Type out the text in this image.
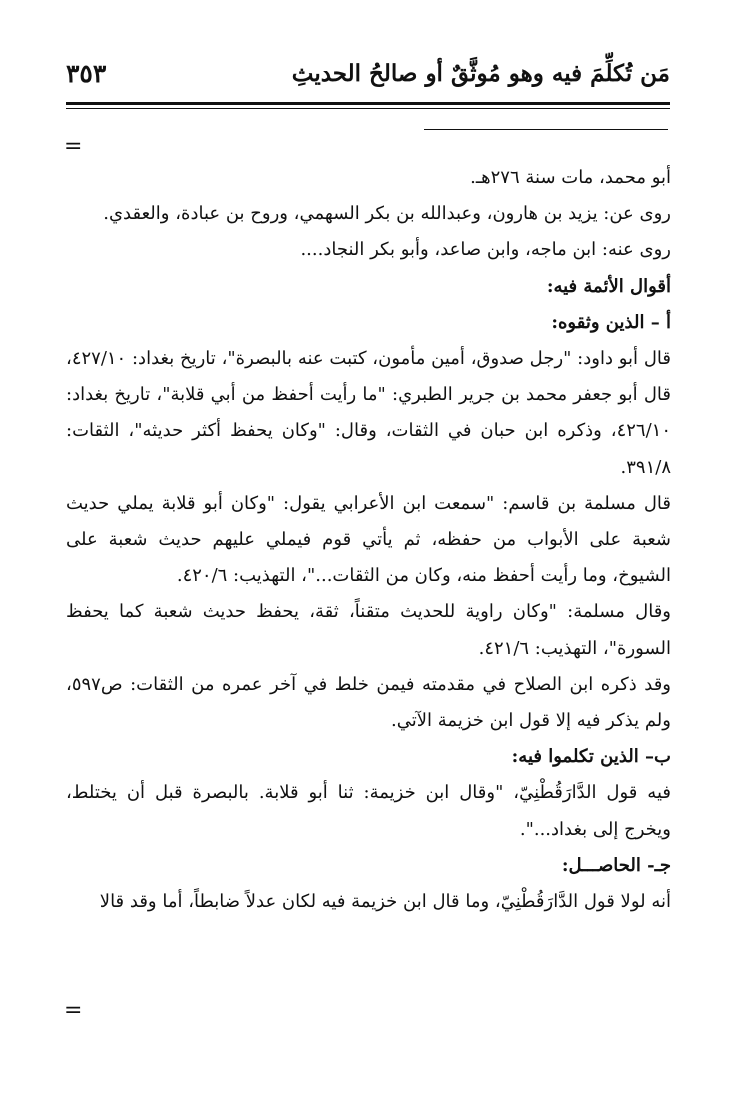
مَن تُكلِّمَ فيه وهو مُوثَّقٌ أو صالحُ الحديثِ
٣٥٣
=

أبو محمد، مات سنة ٢٧٦هـ.

روى عن: يزيد بن هارون، وعبدالله بن بكر السهمي، وروح بن عبادة، والعقدي.

روى عنه: ابن ماجه، وابن صاعد، وأبو بكر النجاد....

أقوال الأئمة فيه:

أ – الذين وثقوه:

قال أبو داود: "رجل صدوق، أمين مأمون، كتبت عنه بالبصرة"، تاريخ بغداد: ٤٢٧/١٠، قال أبو جعفر محمد بن جرير الطبري: "ما رأيت أحفظ من أبي قلابة"، تاريخ بغداد: ٤٢٦/١٠، وذكره ابن حبان في الثقات، وقال: "وكان يحفظ أكثر حديثه"، الثقات: ٣٩١/٨.

قال مسلمة بن قاسم: "سمعت ابن الأعرابي يقول: "وكان أبو قلابة يملي حديث شعبة على الأبواب من حفظه، ثم يأتي قوم فيملي عليهم حديث شعبة على الشيوخ، وما رأيت أحفظ منه، وكان من الثقات..."، التهذيب: ٤٢٠/٦.

وقال مسلمة: "وكان راوية للحديث متقناً، ثقة، يحفظ حديث شعبة كما يحفظ السورة"، التهذيب: ٤٢١/٦.

وقد ذكره ابن الصلاح في مقدمته فيمن خلط في آخر عمره من الثقات: ص٥٩٧، ولم يذكر فيه إلا قول ابن خزيمة الآتي.

ب– الذين تكلموا فيه:

فيه قول الدَّارَقُطْنِيّ، "وقال ابن خزيمة: ثنا أبو قلابة. بالبصرة قبل أن يختلط، ويخرج إلى بغداد...".

جـ- الحاصـــل:

أنه لولا قول الدَّارَقُطْنِيّ، وما قال ابن خزيمة فيه لكان عدلاً ضابطاً، أما وقد قالا

=
